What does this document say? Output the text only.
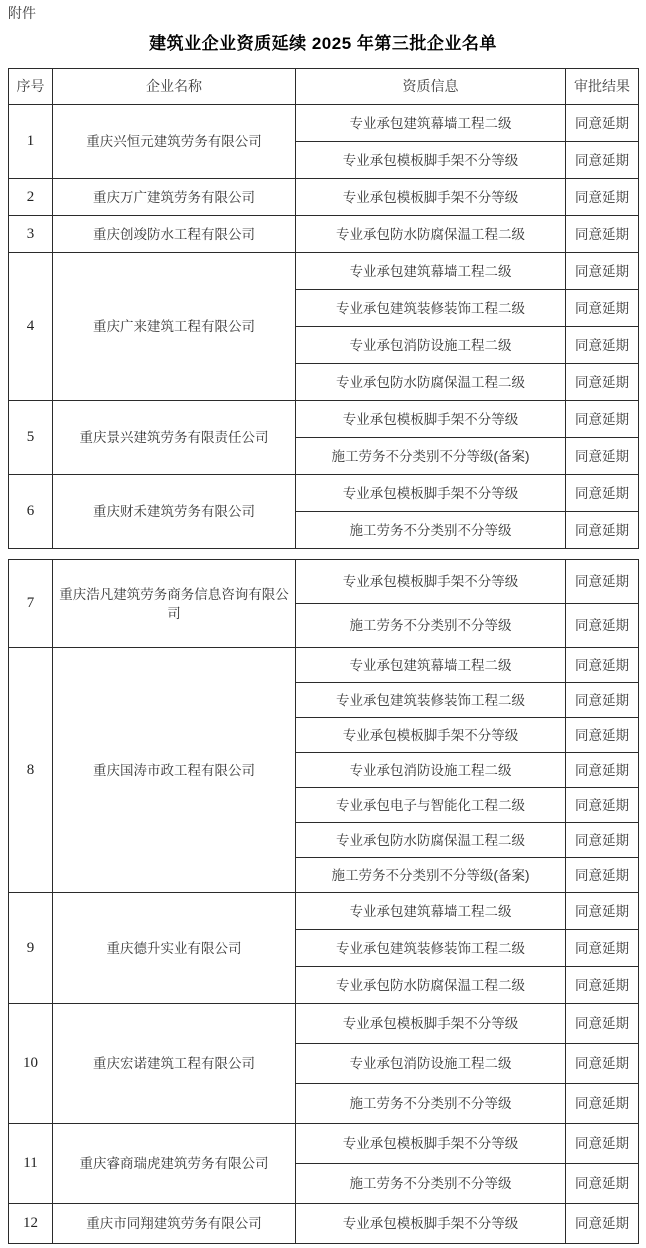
附件
建筑业企业资质延续 2025 年第三批企业名单
序号	企业名称	资质信息	审批结果
1	重庆兴恒元建筑劳务有限公司	专业承包建筑幕墙工程二级	同意延期
		专业承包模板脚手架不分等级	同意延期
2	重庆万广建筑劳务有限公司	专业承包模板脚手架不分等级	同意延期
3	重庆创竣防水工程有限公司	专业承包防水防腐保温工程二级	同意延期
4	重庆广来建筑工程有限公司	专业承包建筑幕墙工程二级	同意延期
		专业承包建筑装修装饰工程二级	同意延期
		专业承包消防设施工程二级	同意延期
		专业承包防水防腐保温工程二级	同意延期
5	重庆景兴建筑劳务有限责任公司	专业承包模板脚手架不分等级	同意延期
		施工劳务不分类别不分等级(备案)	同意延期
6	重庆财禾建筑劳务有限公司	专业承包模板脚手架不分等级	同意延期
		施工劳务不分类别不分等级	同意延期
7	重庆浩凡建筑劳务商务信息咨询有限公司	专业承包模板脚手架不分等级	同意延期
		施工劳务不分类别不分等级	同意延期
8	重庆国涛市政工程有限公司	专业承包建筑幕墙工程二级	同意延期
		专业承包建筑装修装饰工程二级	同意延期
		专业承包模板脚手架不分等级	同意延期
		专业承包消防设施工程二级	同意延期
		专业承包电子与智能化工程二级	同意延期
		专业承包防水防腐保温工程二级	同意延期
		施工劳务不分类别不分等级(备案)	同意延期
9	重庆德升实业有限公司	专业承包建筑幕墙工程二级	同意延期
		专业承包建筑装修装饰工程二级	同意延期
		专业承包防水防腐保温工程二级	同意延期
10	重庆宏诺建筑工程有限公司	专业承包模板脚手架不分等级	同意延期
		专业承包消防设施工程二级	同意延期
		施工劳务不分类别不分等级	同意延期
11	重庆睿商瑞虎建筑劳务有限公司	专业承包模板脚手架不分等级	同意延期
		施工劳务不分类别不分等级	同意延期
12	重庆市同翔建筑劳务有限公司	专业承包模板脚手架不分等级	同意延期
